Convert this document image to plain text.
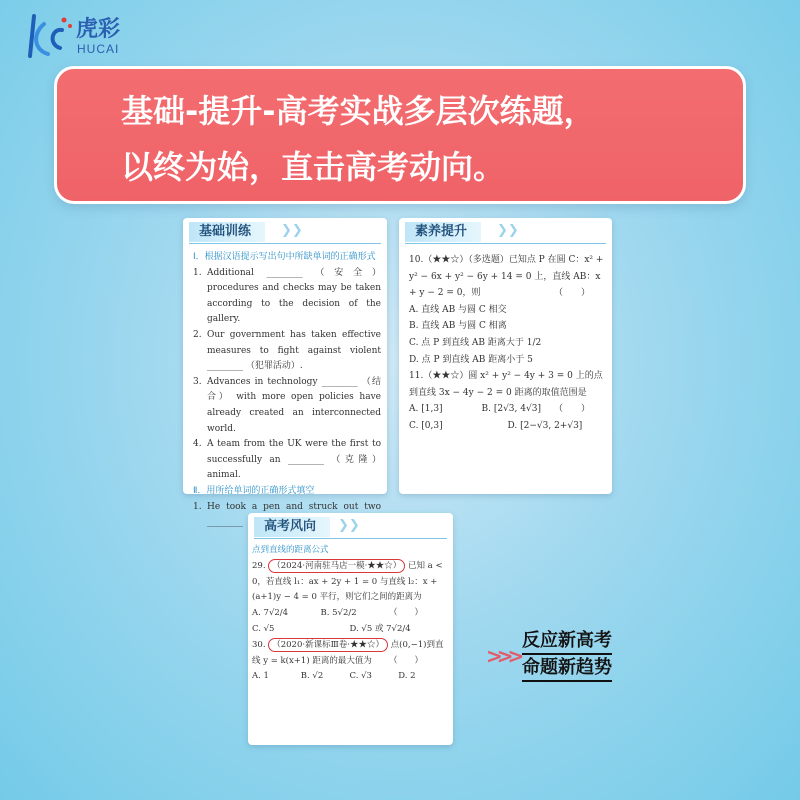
虎彩
HUCAI
基础-提升-高考实战多层次练题，
以终为始，直击高考动向。
基础训练	❯❯
Ⅰ．根据汉语提示写出句中所缺单词的正确形式
1. Additional ________ （安全） procedures and checks may be taken according to the decision of the gallery.
2. Our government has taken effective measures to fight against violent ________ （犯罪活动）.
3. Advances in technology ________ （结合） with more open policies have already created an interconnected world.
4. A team from the UK were the first to successfully an ________ （克隆） animal.
Ⅱ．用所给单词的正确形式填空
1. He took a pen and struck out two ________
素养提升	❯❯
10.（★★☆）（多选题）已知点 P 在圆 C：x² + y² − 6x + y² − 6y + 14 = 0 上，直线 AB：x + y − 2 = 0，则	（　　）
A. 直线 AB 与圆 C 相交
B. 直线 AB 与圆 C 相离
C. 点 P 到直线 AB 距离大于 1/2
D. 点 P 到直线 AB 距离小于 5
11.（★★☆）圆 x² + y² − 4y + 3 = 0 上的点到直线 3x − 4y − 2 = 0 距离的取值范围是
（　　）
A. [1,3]	B. [2√3, 4√3]
C. [0,3]	D. [2−√3, 2+√3]
高考风向	❯❯
点到直线的距离公式
29. （2024·河南驻马店一模·★★☆） 已知 a < 0，若直线 l₁：ax + 2y + 1 = 0 与直线 l₂：x + (a+1)y − 4 = 0 平行，则它们之间的距离为
（　　）
A. 7√2/4	B. 5√2/2
C. √5	D. √5 或 7√2/4
30. （2020·新课标Ⅲ卷·★★☆） 点(0,−1)到直线 y = k(x+1) 距离的最大值为 （　　）
A. 1	B. √2	C. √3	D. 2
>>>
反应新高考
命题新趋势
